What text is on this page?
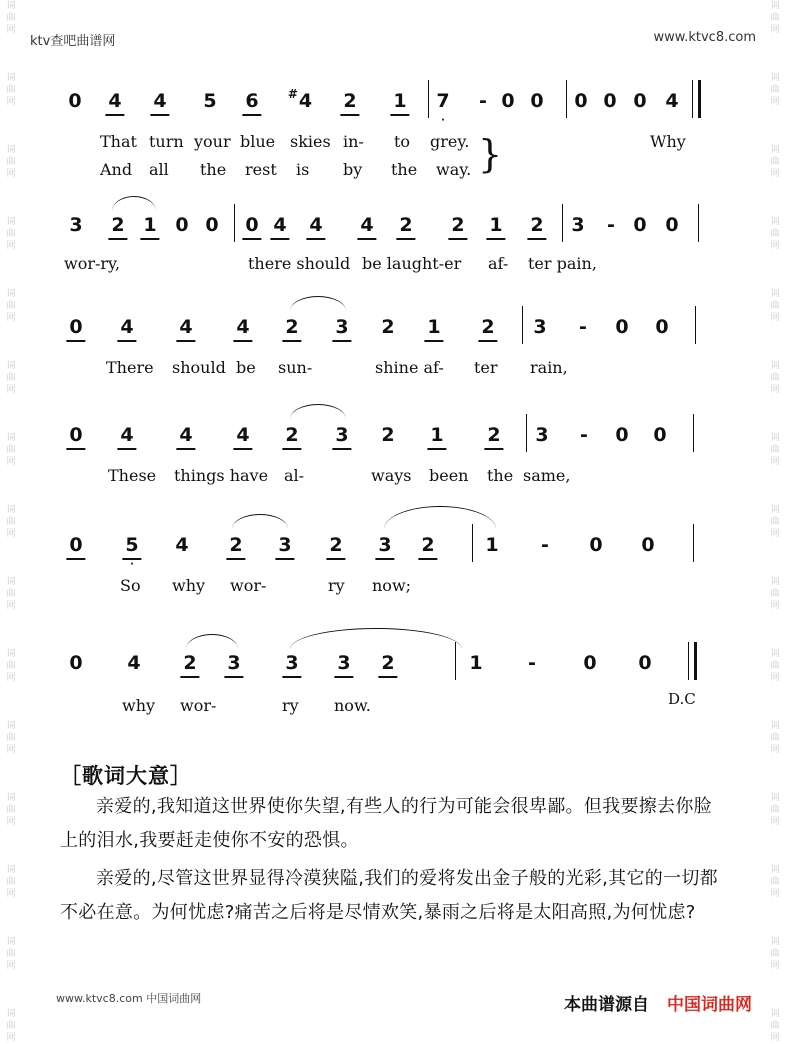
ktv查吧曲谱网	www.ktvc8.com
词
曲
网

词
曲
网

词
曲
网

词
曲
网

词
曲
网

词
曲
网

词
曲
网

词
曲
网

词
曲
网

词
曲
网

词
曲
网

词
曲
网

词
曲
网

词
曲
网

词
曲
网

词
曲
网

词
曲
网

词
曲
网

词
曲
网

词
曲
网

词
曲
网

词
曲
网

词
曲
网

词
曲
网

词
曲
网

词
曲
网

词
曲
网

词
曲
网

词
曲
网

词
曲
网

0 4 4 5 6 #4 2 1 7
·
- 0 0 0 0 0 4
That turn your blue skies in- to grey.	Why
And all the rest is by the way. }
3 2 1 0 0 0 4 4 4 2 2 1 2 3 - 0 0
wor-ry,	there should be laught-er af- ter pain,
0 4 4 4 2 3 2 1 2 3 - 0 0
There should be sun-	shine af- ter rain,
0 4 4 4 2 3 2 1 2 3 - 0 0
These things have al-	ways been the same,
0 5
·
4 2 3 2 3 2	1 - 0 0
So why wor-	ry now;
0 4 2 3 3 3 2	1 - 0 0
why wor-	ry now.	D.C
［歌词大意］
亲爱的,我知道这世界使你失望,有些人的行为可能会很卑鄙。但我要擦去你脸上的泪水,我要赶走使你不安的恐惧。
亲爱的,尽管这世界显得冷漠狭隘,我们的爱将发出金子般的光彩,其它的一切都不必在意。为何忧虑?痛苦之后将是尽情欢笑,暴雨之后将是太阳高照,为何忧虑?
www.ktvc8.com 中国词曲网	本曲谱源自 中国词曲网
